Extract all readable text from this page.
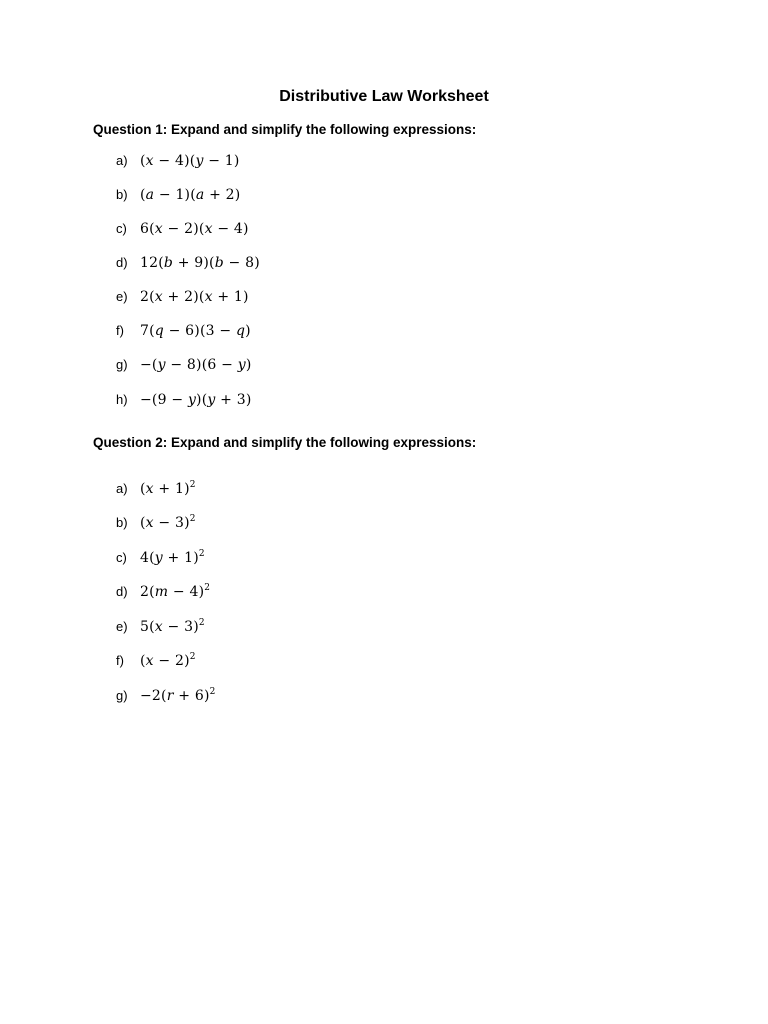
Distributive Law Worksheet
Question 1: Expand and simplify the following expressions:
a) (x − 4)(y − 1)
b) (a − 1)(a + 2)
c) 6(x − 2)(x − 4)
d) 12(b + 9)(b − 8)
e) 2(x + 2)(x + 1)
f) 7(q − 6)(3 − q)
g) −(y − 8)(6 − y)
h) −(9 − y)(y + 3)
Question 2: Expand and simplify the following expressions:
a) $(x + 1)^2$
b) $(x - 3)^2$
c) $4(y + 1)^2$
d) $2(m - 4)^2$
e) $5(x - 3)^2$
f) $(x - 2)^2$
$g) -2(r + 6)^2$
